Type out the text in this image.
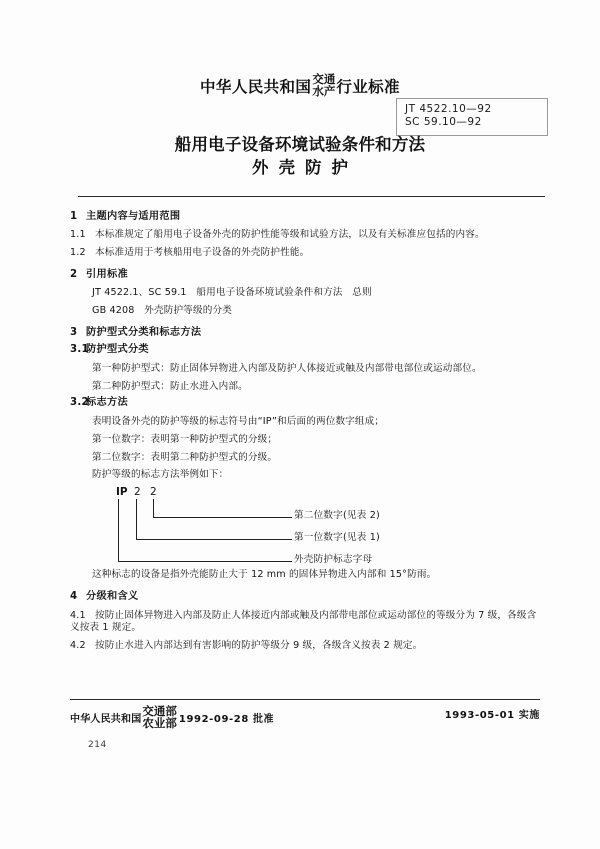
中华人民共和国 交通
水产 行业标准
JT 4522.10—92
SC 59.10—92
船用电子设备环境试验条件和方法
外壳防护
1 主题内容与适用范围
1.1 本标准规定了船用电子设备外壳的防护性能等级和试验方法，以及有关标准应包括的内容。
1.2 本标准适用于考核船用电子设备的外壳防护性能。
2 引用标准
JT 4522.1、SC 59.1　船用电子设备环境试验条件和方法　总则
GB 4208　外壳防护等级的分类
3 防护型式分类和标志方法
3.1防护型式分类
第一种防护型式：防止固体异物进入内部及防护人体接近或触及内部带电部位或运动部位。
第二种防护型式：防止水进入内部。
3.2标志方法
表明设备外壳的防护等级的标志符号由“IP”和后面的两位数字组成；
第一位数字：表明第一种防护型式的分级；
第二位数字：表明第二种防护型式的分级。
防护等级的标志方法举例如下：
IP 2 2
第二位数字(见表 2)
第一位数字(见表 1)
外壳防护标志字母
这种标志的设备是指外壳能防止大于 12 mm 的固体异物进入内部和 15°防雨。
4 分级和含义
4.1 按防止固体异物进入内部及防止人体接近内部或触及内部带电部位或运动部位的等级分为 7 级，各级含义按表 1 规定。
4.2 按防止水进入内部达到有害影响的防护等级分 9 级，各级含义按表 2 规定。
中华人民共和国
交通部
农业部 1992-09-28 批准	1993-05-01 实施
214
